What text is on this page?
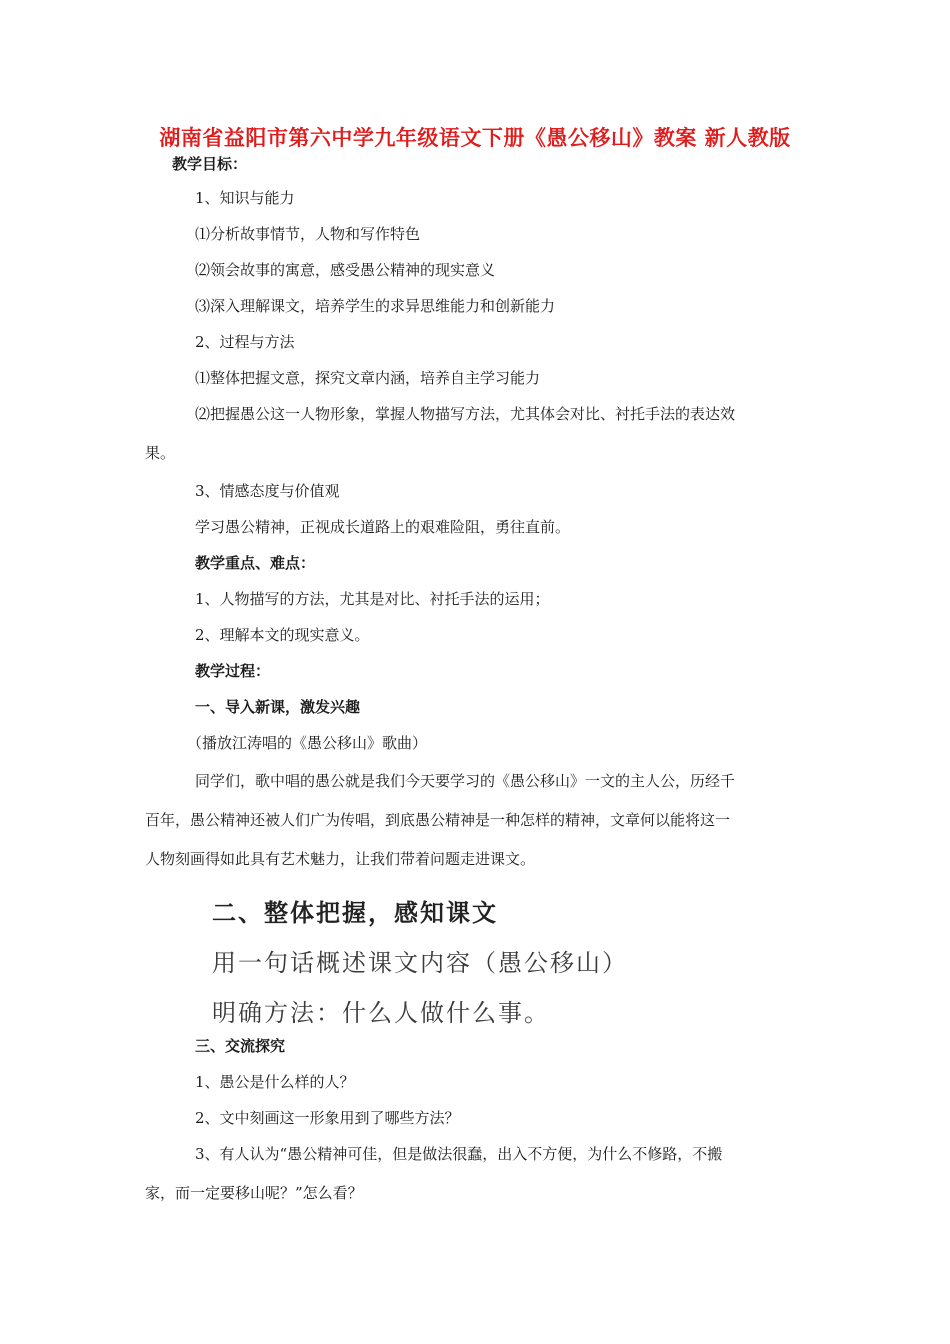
湖南省益阳市第六中学九年级语文下册《愚公移山》教案 新人教版
教学目标：
1、知识与能力
⑴分析故事情节，人物和写作特色
⑵领会故事的寓意，感受愚公精神的现实意义
⑶深入理解课文，培养学生的求异思维能力和创新能力
2、过程与方法
⑴整体把握文意，探究文章内涵，培养自主学习能力
⑵把握愚公这一人物形象，掌握人物描写方法，尤其体会对比、衬托手法的表达效
果。
3、情感态度与价值观
学习愚公精神，正视成长道路上的艰难险阻，勇往直前。
教学重点、难点：
1、人物描写的方法，尤其是对比、衬托手法的运用；
2、理解本文的现实意义。
教学过程：
一、导入新课，激发兴趣
（播放江涛唱的《愚公移山》歌曲）
同学们，歌中唱的愚公就是我们今天要学习的《愚公移山》一文的主人公，历经千
百年，愚公精神还被人们广为传唱，到底愚公精神是一种怎样的精神，文章何以能将这一
人物刻画得如此具有艺术魅力，让我们带着问题走进课文。
二、整体把握，感知课文
用一句话概述课文内容（愚公移山）
明确方法：什么人做什么事。
三、交流探究
1、愚公是什么样的人？
2、文中刻画这一形象用到了哪些方法？
3、有人认为“愚公精神可佳，但是做法很蠢，出入不方便，为什么不修路，不搬
家，而一定要移山呢？”怎么看？
